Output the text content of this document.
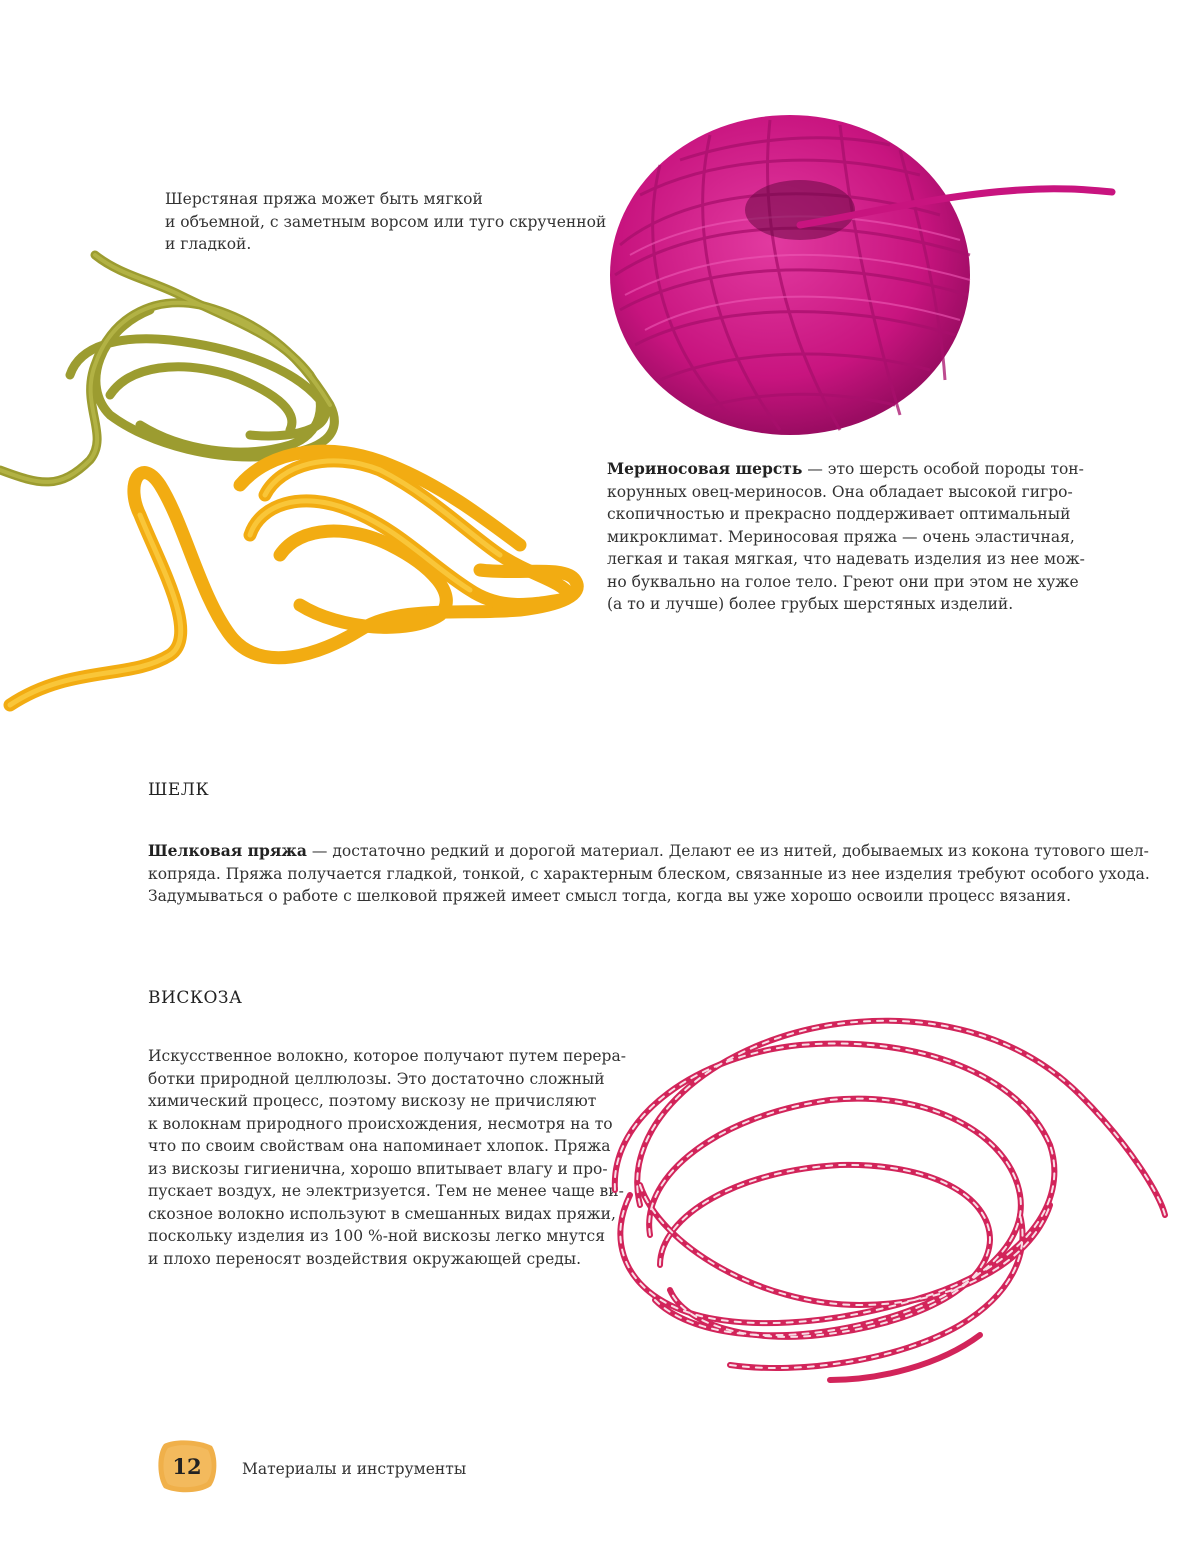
Шерстяная пряжа может быть мягкой
и объемной, с заметным ворсом или туго скрученной
и гладкой.
Мериносовая шерсть — это шерсть особой породы тон-
корунных овец-мериносов. Она обладает высокой гигро-
скопичностью и прекрасно поддерживает оптимальный
микроклимат. Мериносовая пряжа — очень эластичная,
легкая и такая мягкая, что надевать изделия из нее мож-
но буквально на голое тело. Греют они при этом не хуже
(а то и лучше) более грубых шерстяных изделий.
ШЕЛК
Шелковая пряжа — достаточно редкий и дорогой материал. Делают ее из нитей, добываемых из кокона тутового шел-
копряда. Пряжа получается гладкой, тонкой, с характерным блеском, связанные из нее изделия требуют особого ухода.
Задумываться о работе с шелковой пряжей имеет смысл тогда, когда вы уже хорошо освоили процесс вязания.
ВИСКОЗА
Искусственное волокно, которое получают путем перера-
ботки природной целлюлозы. Это достаточно сложный
химический процесс, поэтому вискозу не причисляют
к волокнам природного происхождения, несмотря на то
что по своим свойствам она напоминает хлопок. Пряжа
из вискозы гигиенична, хорошо впитывает влагу и про-
пускает воздух, не электризуется. Тем не менее чаще ви-
скозное волокно используют в смешанных видах пряжи,
поскольку изделия из 100 %-ной вискозы легко мнутся
и плохо переносят воздействия окружающей среды.
12	Материалы и инструменты
